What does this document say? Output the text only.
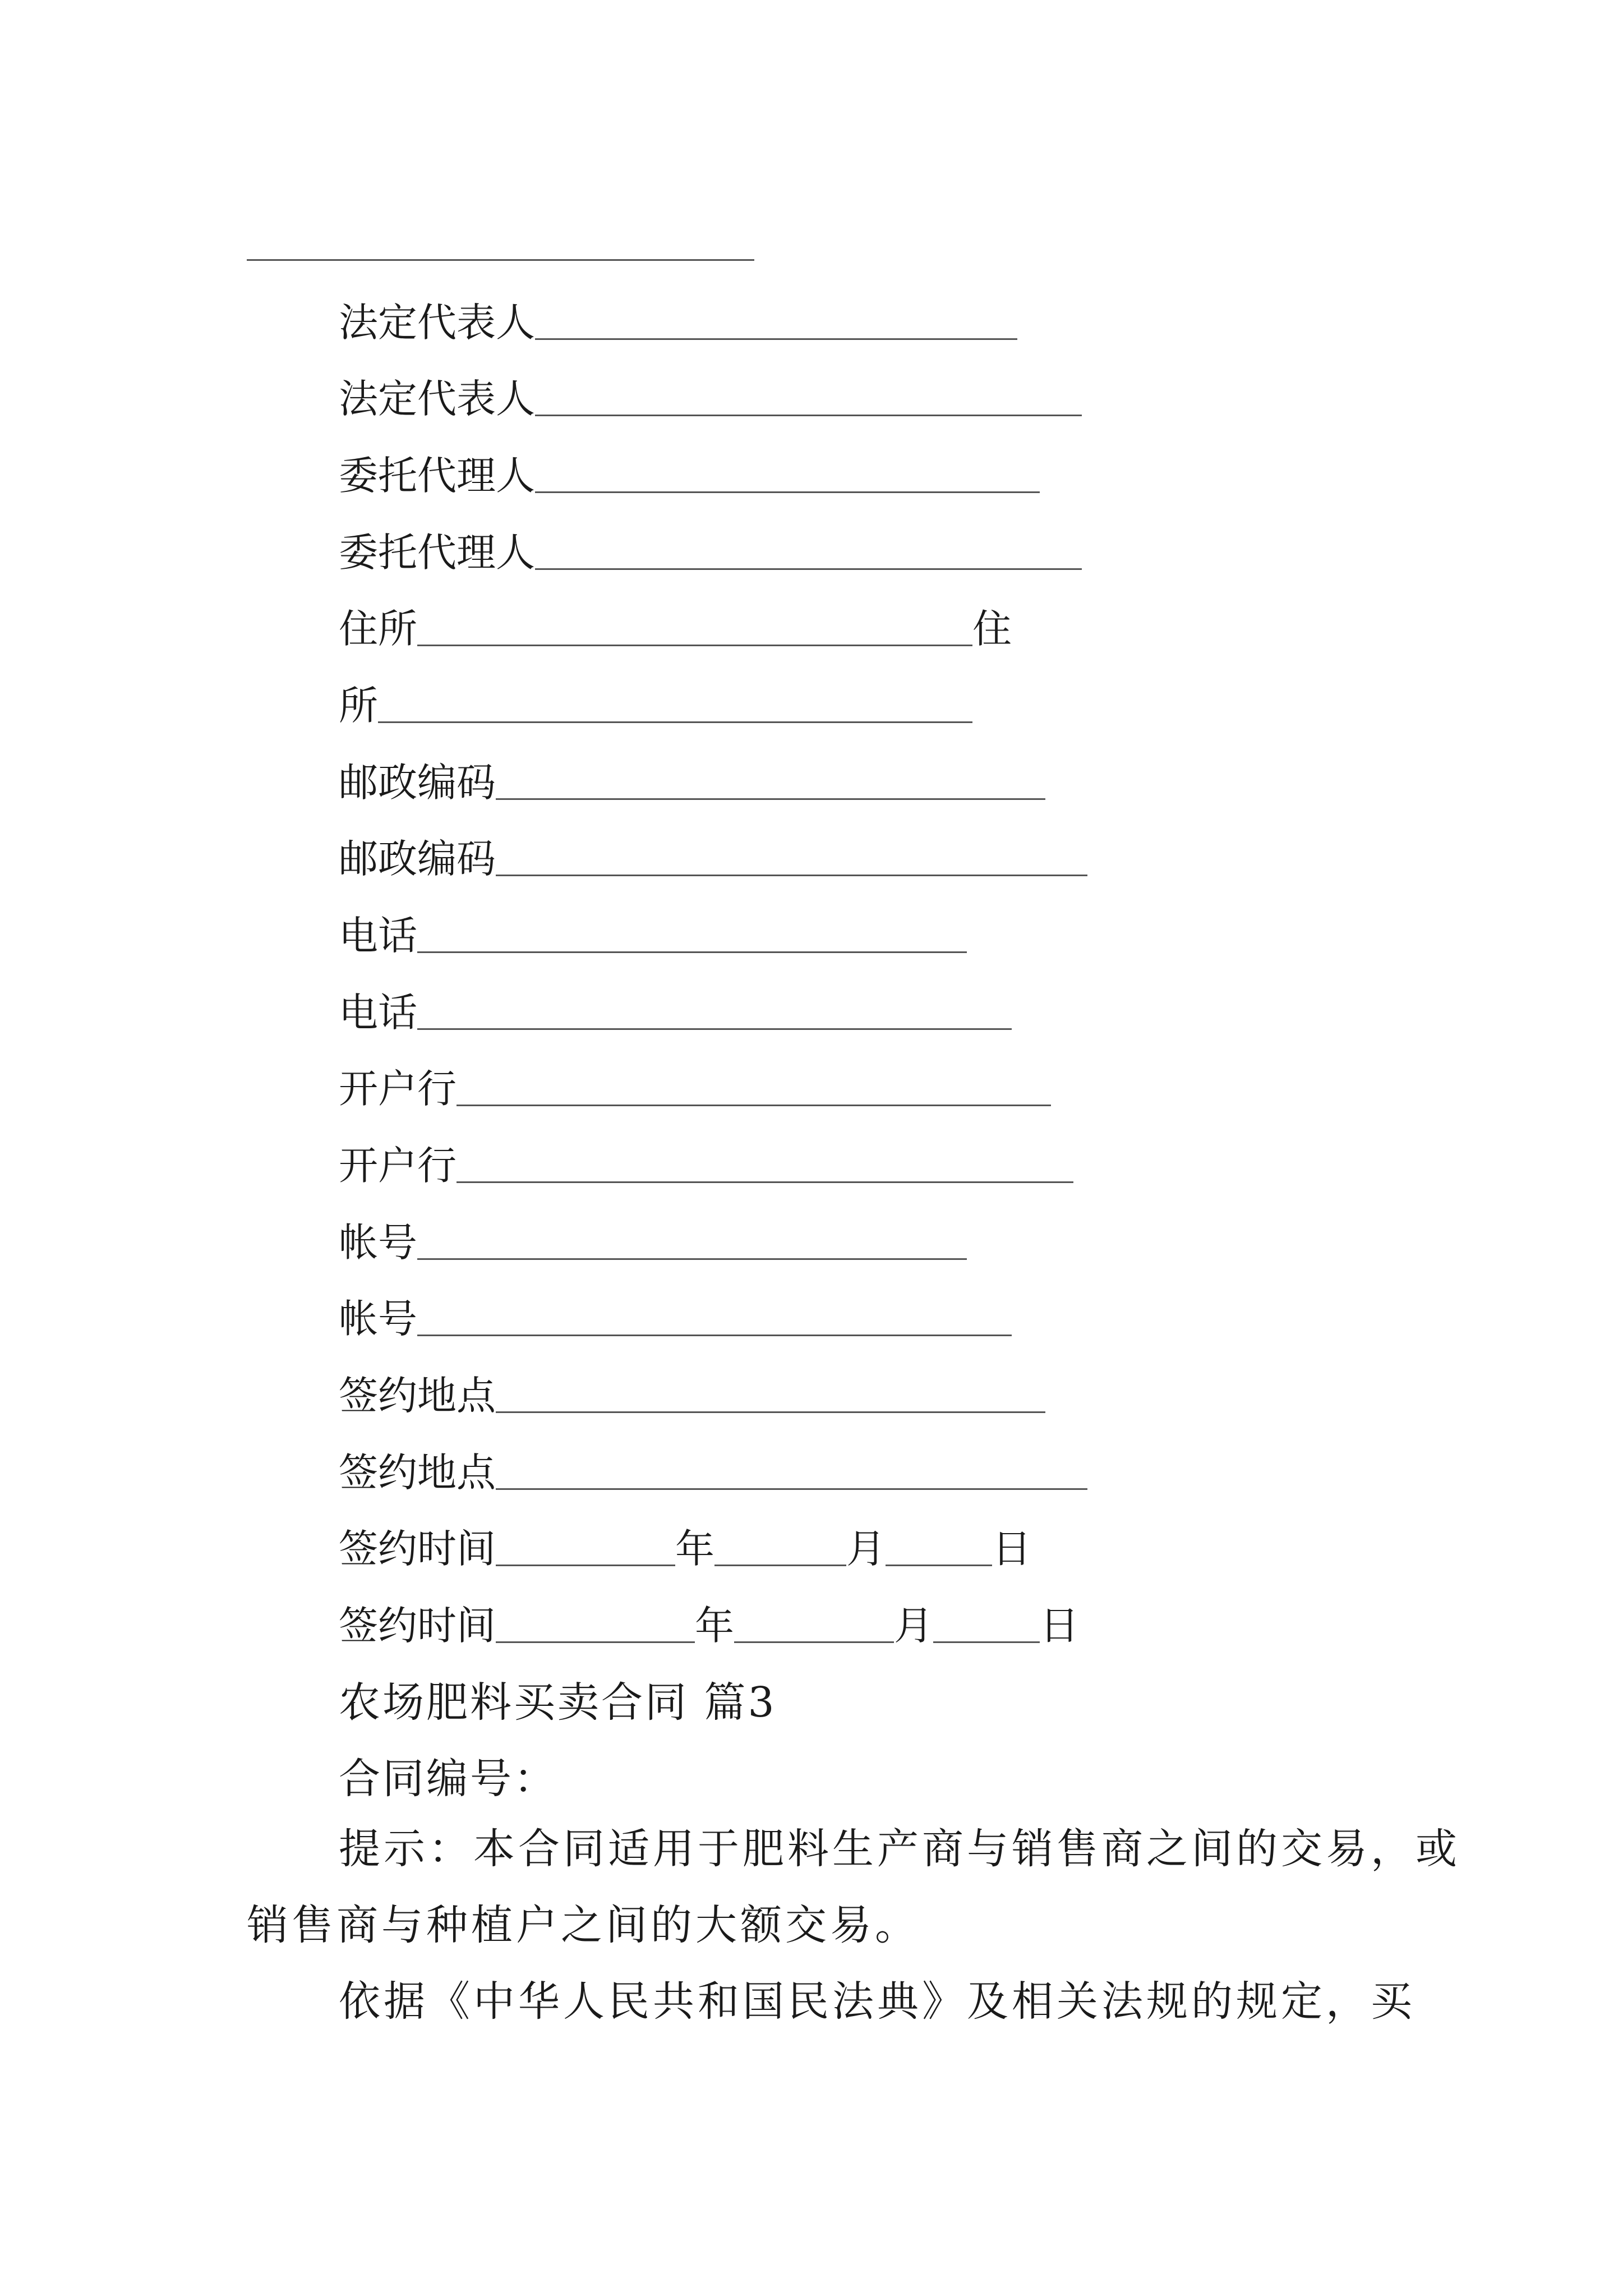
法定代表人
法定代表人
委托代理人
委托代理人
住所	住
所
邮政编码
邮政编码
电话
电话
开户行
开户行
帐号
帐号
签约地点
签约地点
签约时间	年	月	日
签约时间	年	月	日
农场肥料买卖合同 篇3
合同编号：
提示：本合同适用于肥料生产商与销售商之间的交易，或销售商与种植户之间的大额交易。
依据《中华人民共和国民法典》及相关法规的规定，买
